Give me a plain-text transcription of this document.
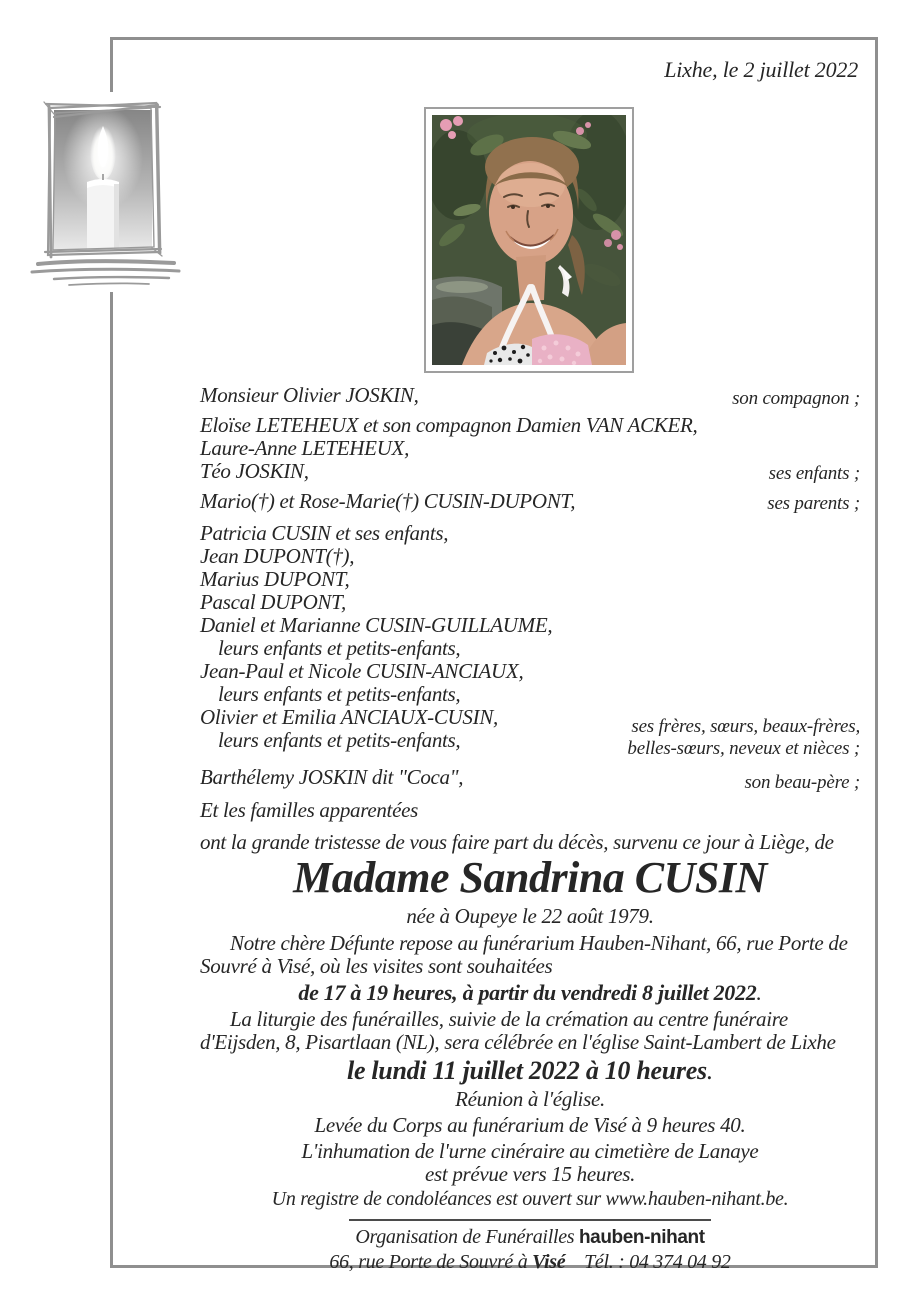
Lixhe, le 2 juillet 2022
Monsieur Olivier JOSKIN,
Eloïse LETEHEUX et son compagnon Damien VAN ACKER,
Laure-Anne LETEHEUX,
Téo JOSKIN,
Mario(†) et Rose-Marie(†) CUSIN-DUPONT,
Patricia CUSIN et ses enfants,
Jean DUPONT(†),
Marius DUPONT,
Pascal DUPONT,
Daniel et Marianne CUSIN-GUILLAUME,
leurs enfants et petits-enfants,
Jean-Paul et Nicole CUSIN-ANCIAUX,
leurs enfants et petits-enfants,
Olivier et Emilia ANCIAUX-CUSIN,
leurs enfants et petits-enfants,
Barthélemy JOSKIN dit "Coca",
Et les familles apparentées
son compagnon ;
ses enfants ;
ses parents ;
ses frères, sœurs, beaux-frères,
belles-sœurs, neveux et nièces ;
son beau-père ;
ont la grande tristesse de vous faire part du décès, survenu ce jour à Liège, de
Madame Sandrina CUSIN
née à Oupeye le 22 août 1979.
Notre chère Défunte repose au funérarium Hauben-Nihant, 66, rue Porte de Souvré à Visé, où les visites sont souhaitées
de 17 à 19 heures, à partir du vendredi 8 juillet 2022.
La liturgie des funérailles, suivie de la crémation au centre funéraire d'Eijsden, 8, Pisartlaan (NL), sera célébrée en l'église Saint-Lambert de Lixhe
le lundi 11 juillet 2022 à 10 heures.
Réunion à l'église.
Levée du Corps au funérarium de Visé à 9 heures 40.
L'inhumation de l'urne cinéraire au cimetière de Lanaye
est prévue vers 15 heures.
Un registre de condoléances est ouvert sur www.hauben-nihant.be.
Organisation de Funérailles hauben-nihant
66, rue Porte de Souvré à Visé Tél. : 04 374 04 92
